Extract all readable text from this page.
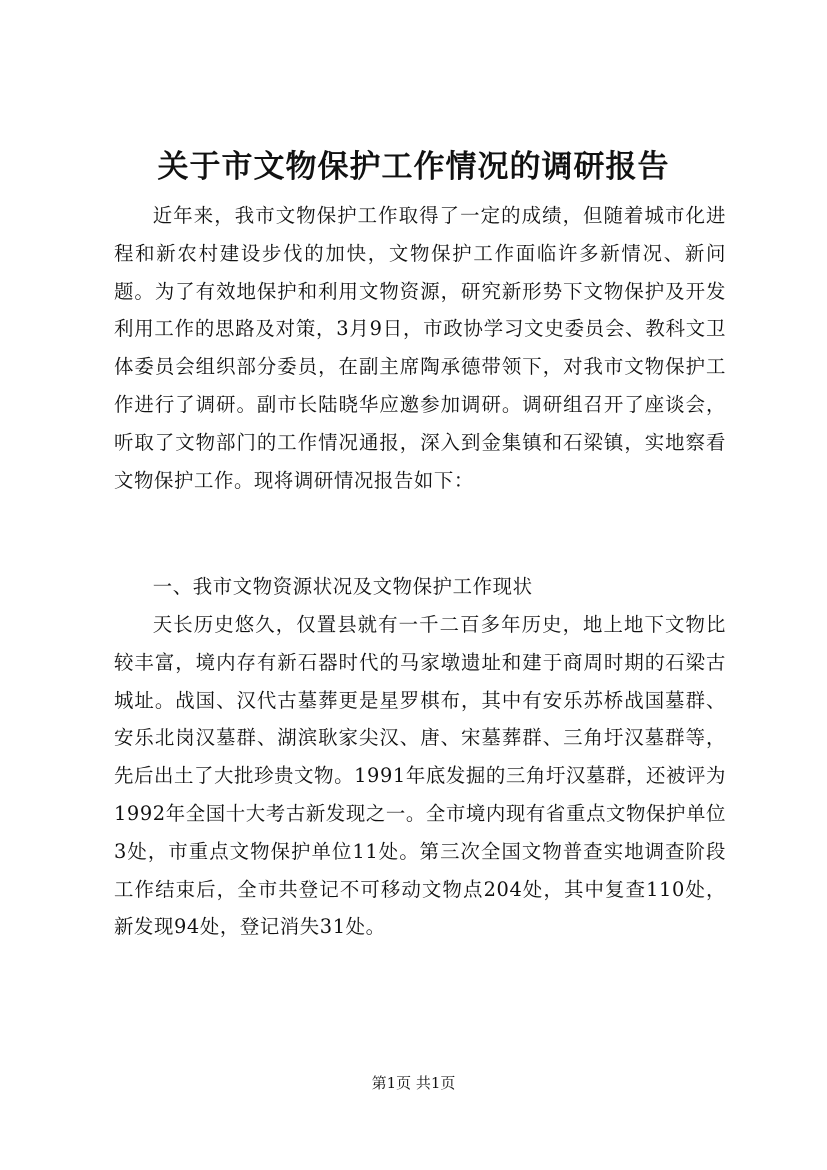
关于市文物保护工作情况的调研报告

近年来，我市文物保护工作取得了一定的成绩，但随着城市化进程和新农村建设步伐的加快，文物保护工作面临许多新情况、新问题。为了有效地保护和利用文物资源，研究新形势下文物保护及开发利用工作的思路及对策，3月9日，市政协学习文史委员会、教科文卫体委员会组织部分委员，在副主席陶承德带领下，对我市文物保护工作进行了调研。副市长陆晓华应邀参加调研。调研组召开了座谈会，听取了文物部门的工作情况通报，深入到金集镇和石梁镇，实地察看文物保护工作。现将调研情况报告如下：

一、我市文物资源状况及文物保护工作现状

天长历史悠久，仅置县就有一千二百多年历史，地上地下文物比较丰富，境内存有新石器时代的马家墩遗址和建于商周时期的石梁古城址。战国、汉代古墓葬更是星罗棋布，其中有安乐苏桥战国墓群、安乐北岗汉墓群、湖滨耿家尖汉、唐、宋墓葬群、三角圩汉墓群等，先后出土了大批珍贵文物。1991年底发掘的三角圩汉墓群，还被评为1992年全国十大考古新发现之一。全市境内现有省重点文物保护单位3处，市重点文物保护单位11处。第三次全国文物普查实地调查阶段工作结束后，全市共登记不可移动文物点204处，其中复查110处，新发现94处，登记消失31处。

第1页 共1页
